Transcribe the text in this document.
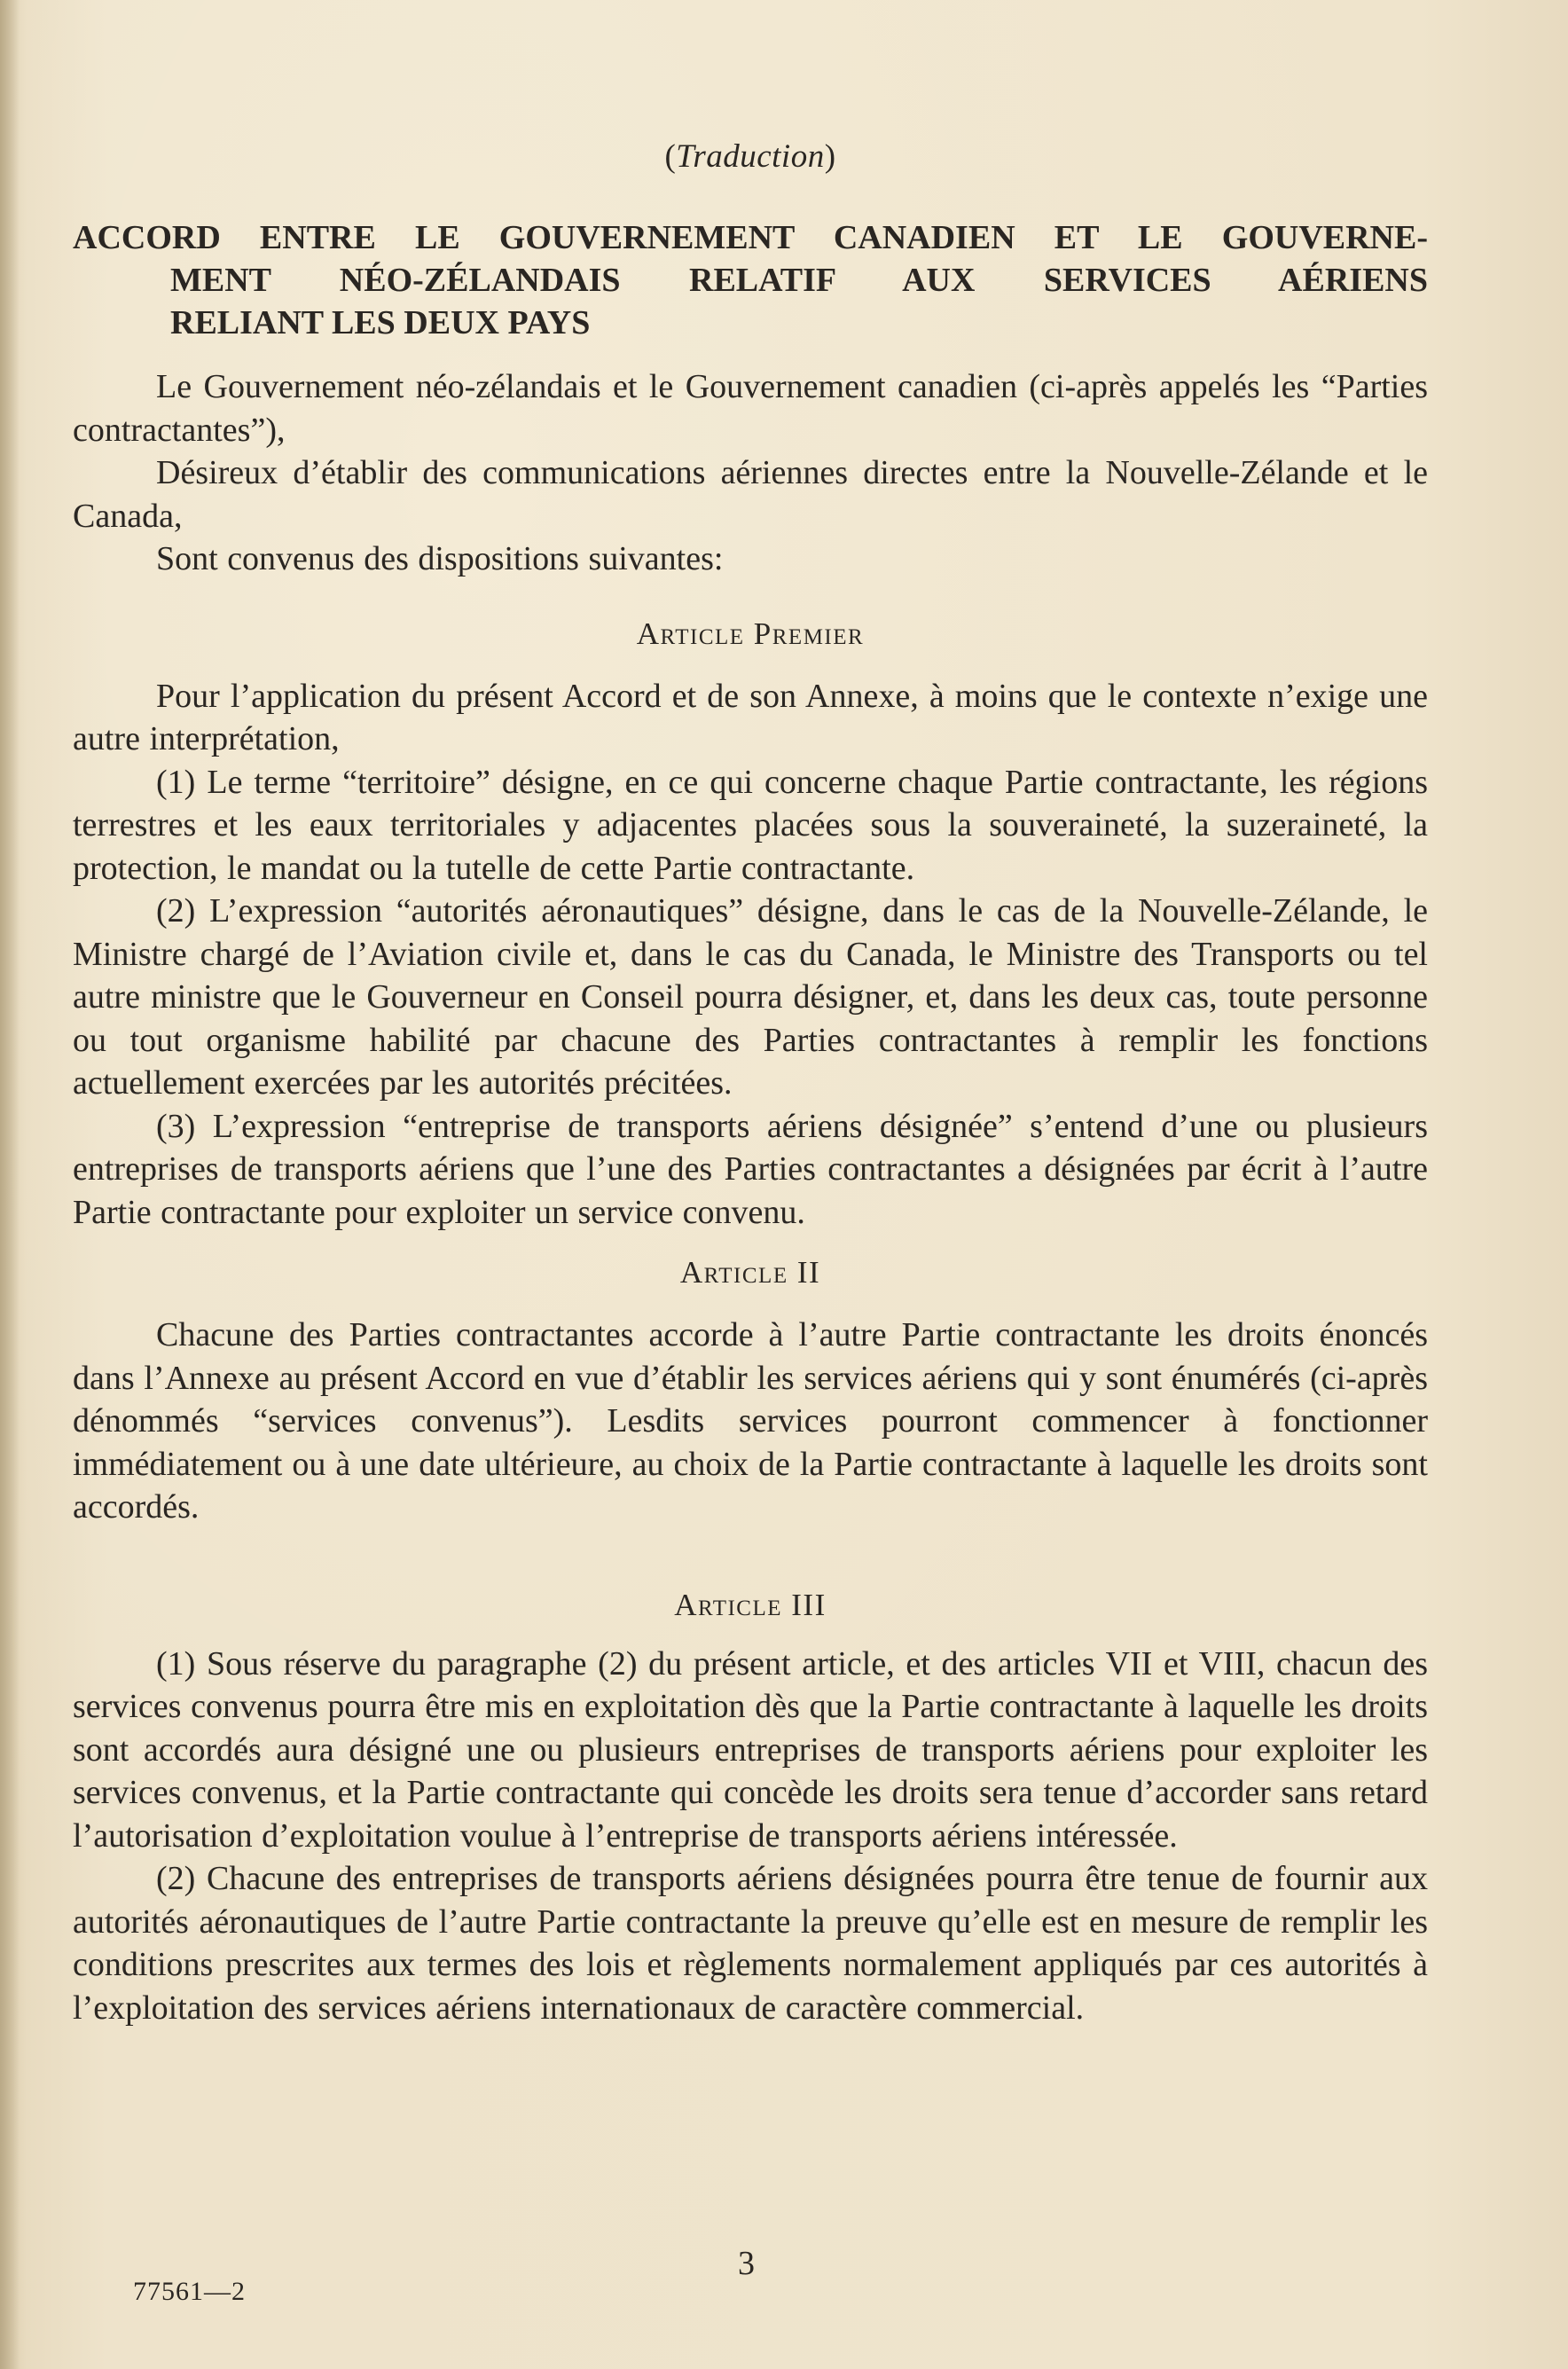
(Traduction)
ACCORD ENTRE LE GOUVERNEMENT CANADIEN ET LE GOUVERNE-
MENT NÉO-ZÉLANDAIS RELATIF AUX SERVICES AÉRIENS
RELIANT LES DEUX PAYS

Le Gouvernement néo-zélandais et le Gouvernement canadien (ci-après appelés les “Parties contractantes”),

Désireux d’établir des communications aériennes directes entre la Nouvelle-Zélande et le Canada,

Sont convenus des dispositions suivantes:

Article Premier

Pour l’application du présent Accord et de son Annexe, à moins que le contexte n’exige une autre interprétation,

(1) Le terme “territoire” désigne, en ce qui concerne chaque Partie contractante, les régions terrestres et les eaux territoriales y adjacentes placées sous la souveraineté, la suzeraineté, la protection, le mandat ou la tutelle de cette Partie contractante.

(2) L’expression “autorités aéronautiques” désigne, dans le cas de la Nouvelle-Zélande, le Ministre chargé de l’Aviation civile et, dans le cas du Canada, le Ministre des Transports ou tel autre ministre que le Gouverneur en Conseil pourra désigner, et, dans les deux cas, toute personne ou tout organisme habilité par chacune des Parties contractantes à remplir les fonctions actuellement exercées par les autorités précitées.

(3) L’expression “entreprise de transports aériens désignée” s’entend d’une ou plusieurs entreprises de transports aériens que l’une des Parties contractantes a désignées par écrit à l’autre Partie contractante pour exploiter un service convenu.

Article II

Chacune des Parties contractantes accorde à l’autre Partie contractante les droits énoncés dans l’Annexe au présent Accord en vue d’établir les services aériens qui y sont énumérés (ci-après dénommés “services convenus”). Lesdits services pourront commencer à fonctionner immédiatement ou à une date ultérieure, au choix de la Partie contractante à laquelle les droits sont accordés.

Article III

(1) Sous réserve du paragraphe (2) du présent article, et des articles VII et VIII, chacun des services convenus pourra être mis en exploitation dès que la Partie contractante à laquelle les droits sont accordés aura désigné une ou plusieurs entreprises de transports aériens pour exploiter les services convenus, et la Partie contractante qui concède les droits sera tenue d’accorder sans retard l’autorisation d’exploitation voulue à l’entreprise de transports aériens intéressée.

(2) Chacune des entreprises de transports aériens désignées pourra être tenue de fournir aux autorités aéronautiques de l’autre Partie contractante la preuve qu’elle est en mesure de remplir les conditions prescrites aux termes des lois et règlements normalement appliqués par ces autorités à l’exploitation des services aériens internationaux de caractère commercial.

3
77561—2
